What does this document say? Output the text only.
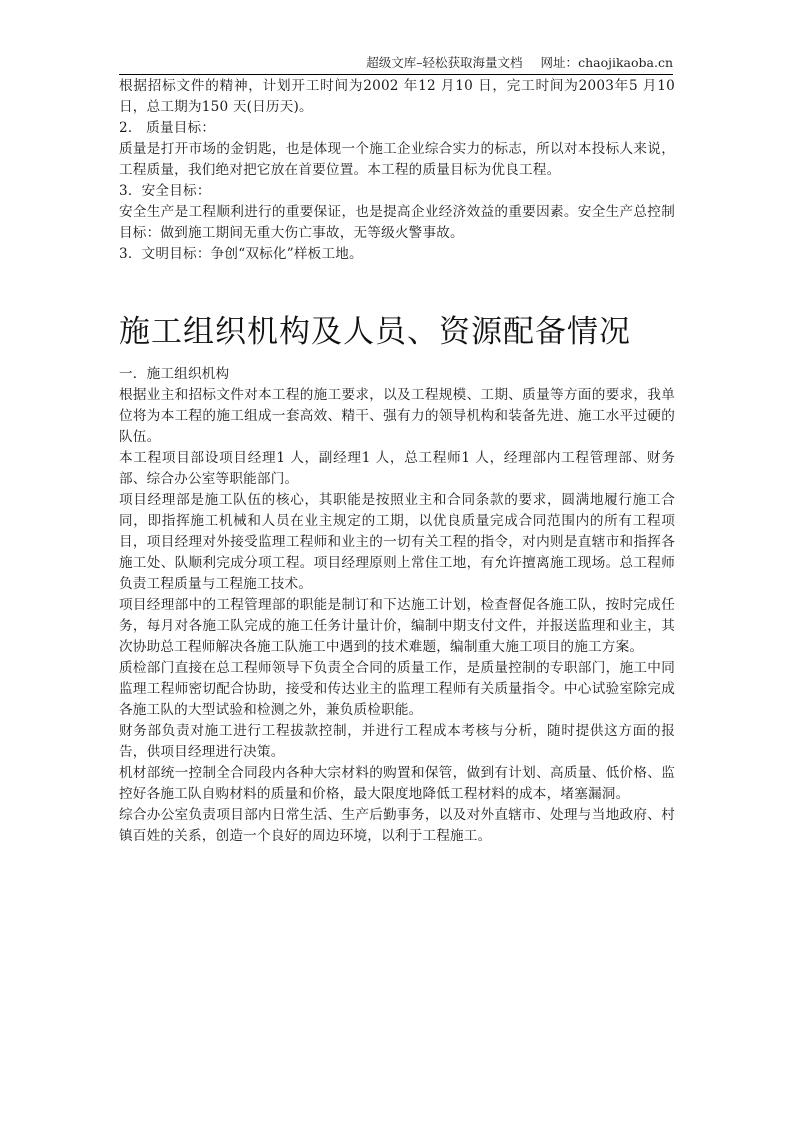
超级文库–轻松获取海量文档 网址：chaojikaoba.cn

根据招标文件的精神，计划开工时间为2002 年12 月10 日，完工时间为2003年5 月10 日，总工期为150 天(日历天)。

2． 质量目标：

质量是打开市场的金钥匙，也是体现一个施工企业综合实力的标志，所以对本投标人来说，工程质量，我们绝对把它放在首要位置。本工程的质量目标为优良工程。

3．安全目标：

安全生产是工程顺利进行的重要保证，也是提高企业经济效益的重要因素。安全生产总控制目标：做到施工期间无重大伤亡事故，无等级火警事故。

3．文明目标：争创“双标化”样板工地。

施工组织机构及人员、资源配备情况

一．施工组织机构

根据业主和招标文件对本工程的施工要求，以及工程规模、工期、质量等方面的要求，我单位将为本工程的施工组成一套高效、精干、强有力的领导机构和装备先进、施工水平过硬的队伍。

本工程项目部设项目经理1 人，副经理1 人，总工程师1 人，经理部内工程管理部、财务部、综合办公室等职能部门。

项目经理部是施工队伍的核心，其职能是按照业主和合同条款的要求，圆满地履行施工合同，即指挥施工机械和人员在业主规定的工期，以优良质量完成合同范围内的所有工程项目，项目经理对外接受监理工程师和业主的一切有关工程的指令，对内则是直辖市和指挥各施工处、队顺利完成分项工程。项目经理原则上常住工地，有允许擅离施工现场。总工程师负责工程质量与工程施工技术。

项目经理部中的工程管理部的职能是制订和下达施工计划，检查督促各施工队，按时完成任务，每月对各施工队完成的施工任务计量计价，编制中期支付文件，并报送监理和业主，其次协助总工程师解决各施工队施工中遇到的技术难题，编制重大施工项目的施工方案。

质检部门直接在总工程师领导下负责全合同的质量工作，是质量控制的专职部门，施工中同监理工程师密切配合协助，接受和传达业主的监理工程师有关质量指令。中心试验室除完成各施工队的大型试验和检测之外，兼负质检职能。

财务部负责对施工进行工程拔款控制，并进行工程成本考核与分析，随时提供这方面的报告，供项目经理进行决策。

机材部统一控制全合同段内各种大宗材料的购置和保管，做到有计划、高质量、低价格、监控好各施工队自购材料的质量和价格，最大限度地降低工程材料的成本，堵塞漏洞。

综合办公室负责项目部内日常生活、生产后勤事务，以及对外直辖市、处理与当地政府、村镇百姓的关系，创造一个良好的周边环境，以利于工程施工。
